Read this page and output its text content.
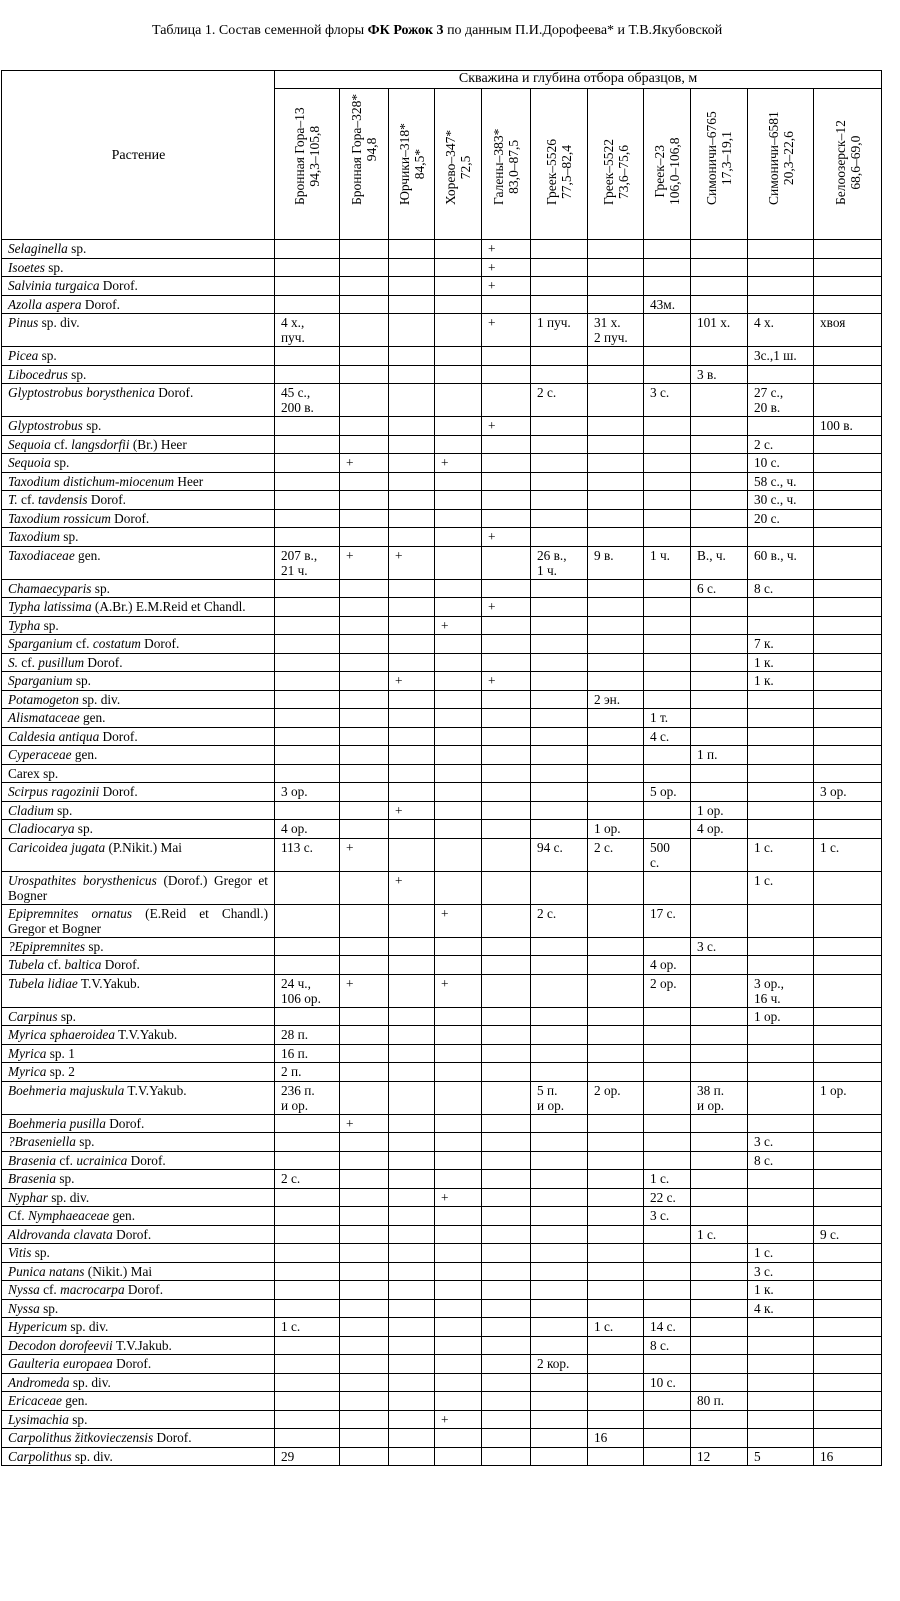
Таблица 1. Состав семенной флоры ФК Рожок 3 по данным П.И.Дорофеева* и Т.В.Якубовской
Растение	Скважина и глубина отбора образцов, м										

	Бронная Гора–13 94,3–105,8	Бронная Гора–328* 94,8	Юрчики–318* 84,5*	Хорево–347* 72,5	Галены–383* 83,0–87,5	Греек–5526 77,5–82,4	Греек–5522 73,6–75,6	Греек–23 106,0–106,8	Симоничи–6765 17,3–19,1	Симоничи–6581 20,3–22,6	Белоозерск–12 68,6–69,0

Selaginella sp.					+						
Isoetes sp.					+						
Salvinia turgaica Dorof.					+						
Azolla aspera Dorof.								43м.			
Pinus sp. div.	4 х.,
пуч.				+	1 пуч.	31 х.
2 пуч.		101 х.	4 х.	хвоя
Picea sp.										3с.,1 ш.	
Libocedrus sp.									3 в.		
Glyptostrobus borysthenica Dorof.	45 с.,
200 в.					2 с.		3 с.		27 с.,
20 в.	
Glyptostrobus sp.					+						100 в.
Sequoia cf. langsdorfii (Br.) Heer										2 с.	
Sequoia sp.		+		+						10 с.	
Taxodium distichum-miocenum Heer										58 с., ч.	
T. cf. tavdensis Dorof.										30 с., ч.	
Taxodium rossicum Dorof.										20 с.	
Taxodium sp.					+						
Taxodiaceae gen.	207 в.,
21 ч.	+	+			26 в.,
1 ч.	9 в.	1 ч.	В., ч.	60 в., ч.	
Chamaecyparis sp.									6 с.	8 с.	
Typha latissima (A.Br.) E.M.Reid et Chandl.					+						
Typha sp.				+							
Sparganium cf. costatum Dorof.										7 к.	
S. cf. pusillum Dorof.										1 к.	
Sparganium sp.			+		+					1 к.	
Potamogeton sp. div.							2 эн.				
Alismataceae gen.								1 т.			
Caldesia antiqua Dorof.								4 с.			
Cyperaceae gen.									1 п.		
Carex sp.											
Scirpus ragozinii Dorof.	3 ор.							5 ор.			3 ор.
Cladium sp.			+						1 ор.		
Cladiocarya sp.	4 ор.						1 ор.		4 ор.		
Caricoidea jugata (P.Nikit.) Mai	113 с.	+				94 с.	2 с.	500
с.		1 с.	1 с.
Urospathites borysthenicus (Dorof.) Gregor et Bogner			+							1 с.	
Epipremnites ornatus (E.Reid et Chandl.) Gregor et Bogner				+		2 с.		17 с.			
?Epipremnites sp.									3 с.		
Tubela cf. baltica Dorof.								4 ор.			
Tubela lidiae T.V.Yakub.	24 ч.,
106 ор.	+		+				2 ор.		3 ор.,
16 ч.	
Carpinus sp.										1 ор.	
Myrica sphaeroidea T.V.Yakub.	28 п.										
Myrica sp. 1	16 п.										
Myrica sp. 2	2 п.										
Boehmeria majuskula T.V.Yakub.	236 п.
и ор.					5 п.
и ор.	2 ор.		38 п.
и ор.		1 ор.
Boehmeria pusilla Dorof.		+									
?Braseniella sp.										3 с.	
Brasenia cf. ucrainica Dorof.										8 с.	
Brasenia sp.	2 с.							1 с.			
Nyphar sp. div.				+				22 с.			
Cf. Nymphaeaceae gen.								3 с.			
Aldrovanda clavata Dorof.									1 с.		9 с.
Vitis sp.										1 с.	
Punica natans (Nikit.) Mai										3 с.	
Nyssa cf. macrocarpa Dorof.										1 к.	
Nyssa sp.										4 к.	
Hypericum sp. div.	1 с.						1 с.	14 с.			
Decodon dorofeevii T.V.Jakub.								8 с.			
Gaulteria europaea Dorof.						2 кор.					
Andromeda sp. div.								10 с.			
Ericaceae gen.									80 п.		
Lysimachia sp.				+							
Carpolithus žitkovieczensis Dorof.							16				
Carpolithus sp. div.	29								12	5	16
